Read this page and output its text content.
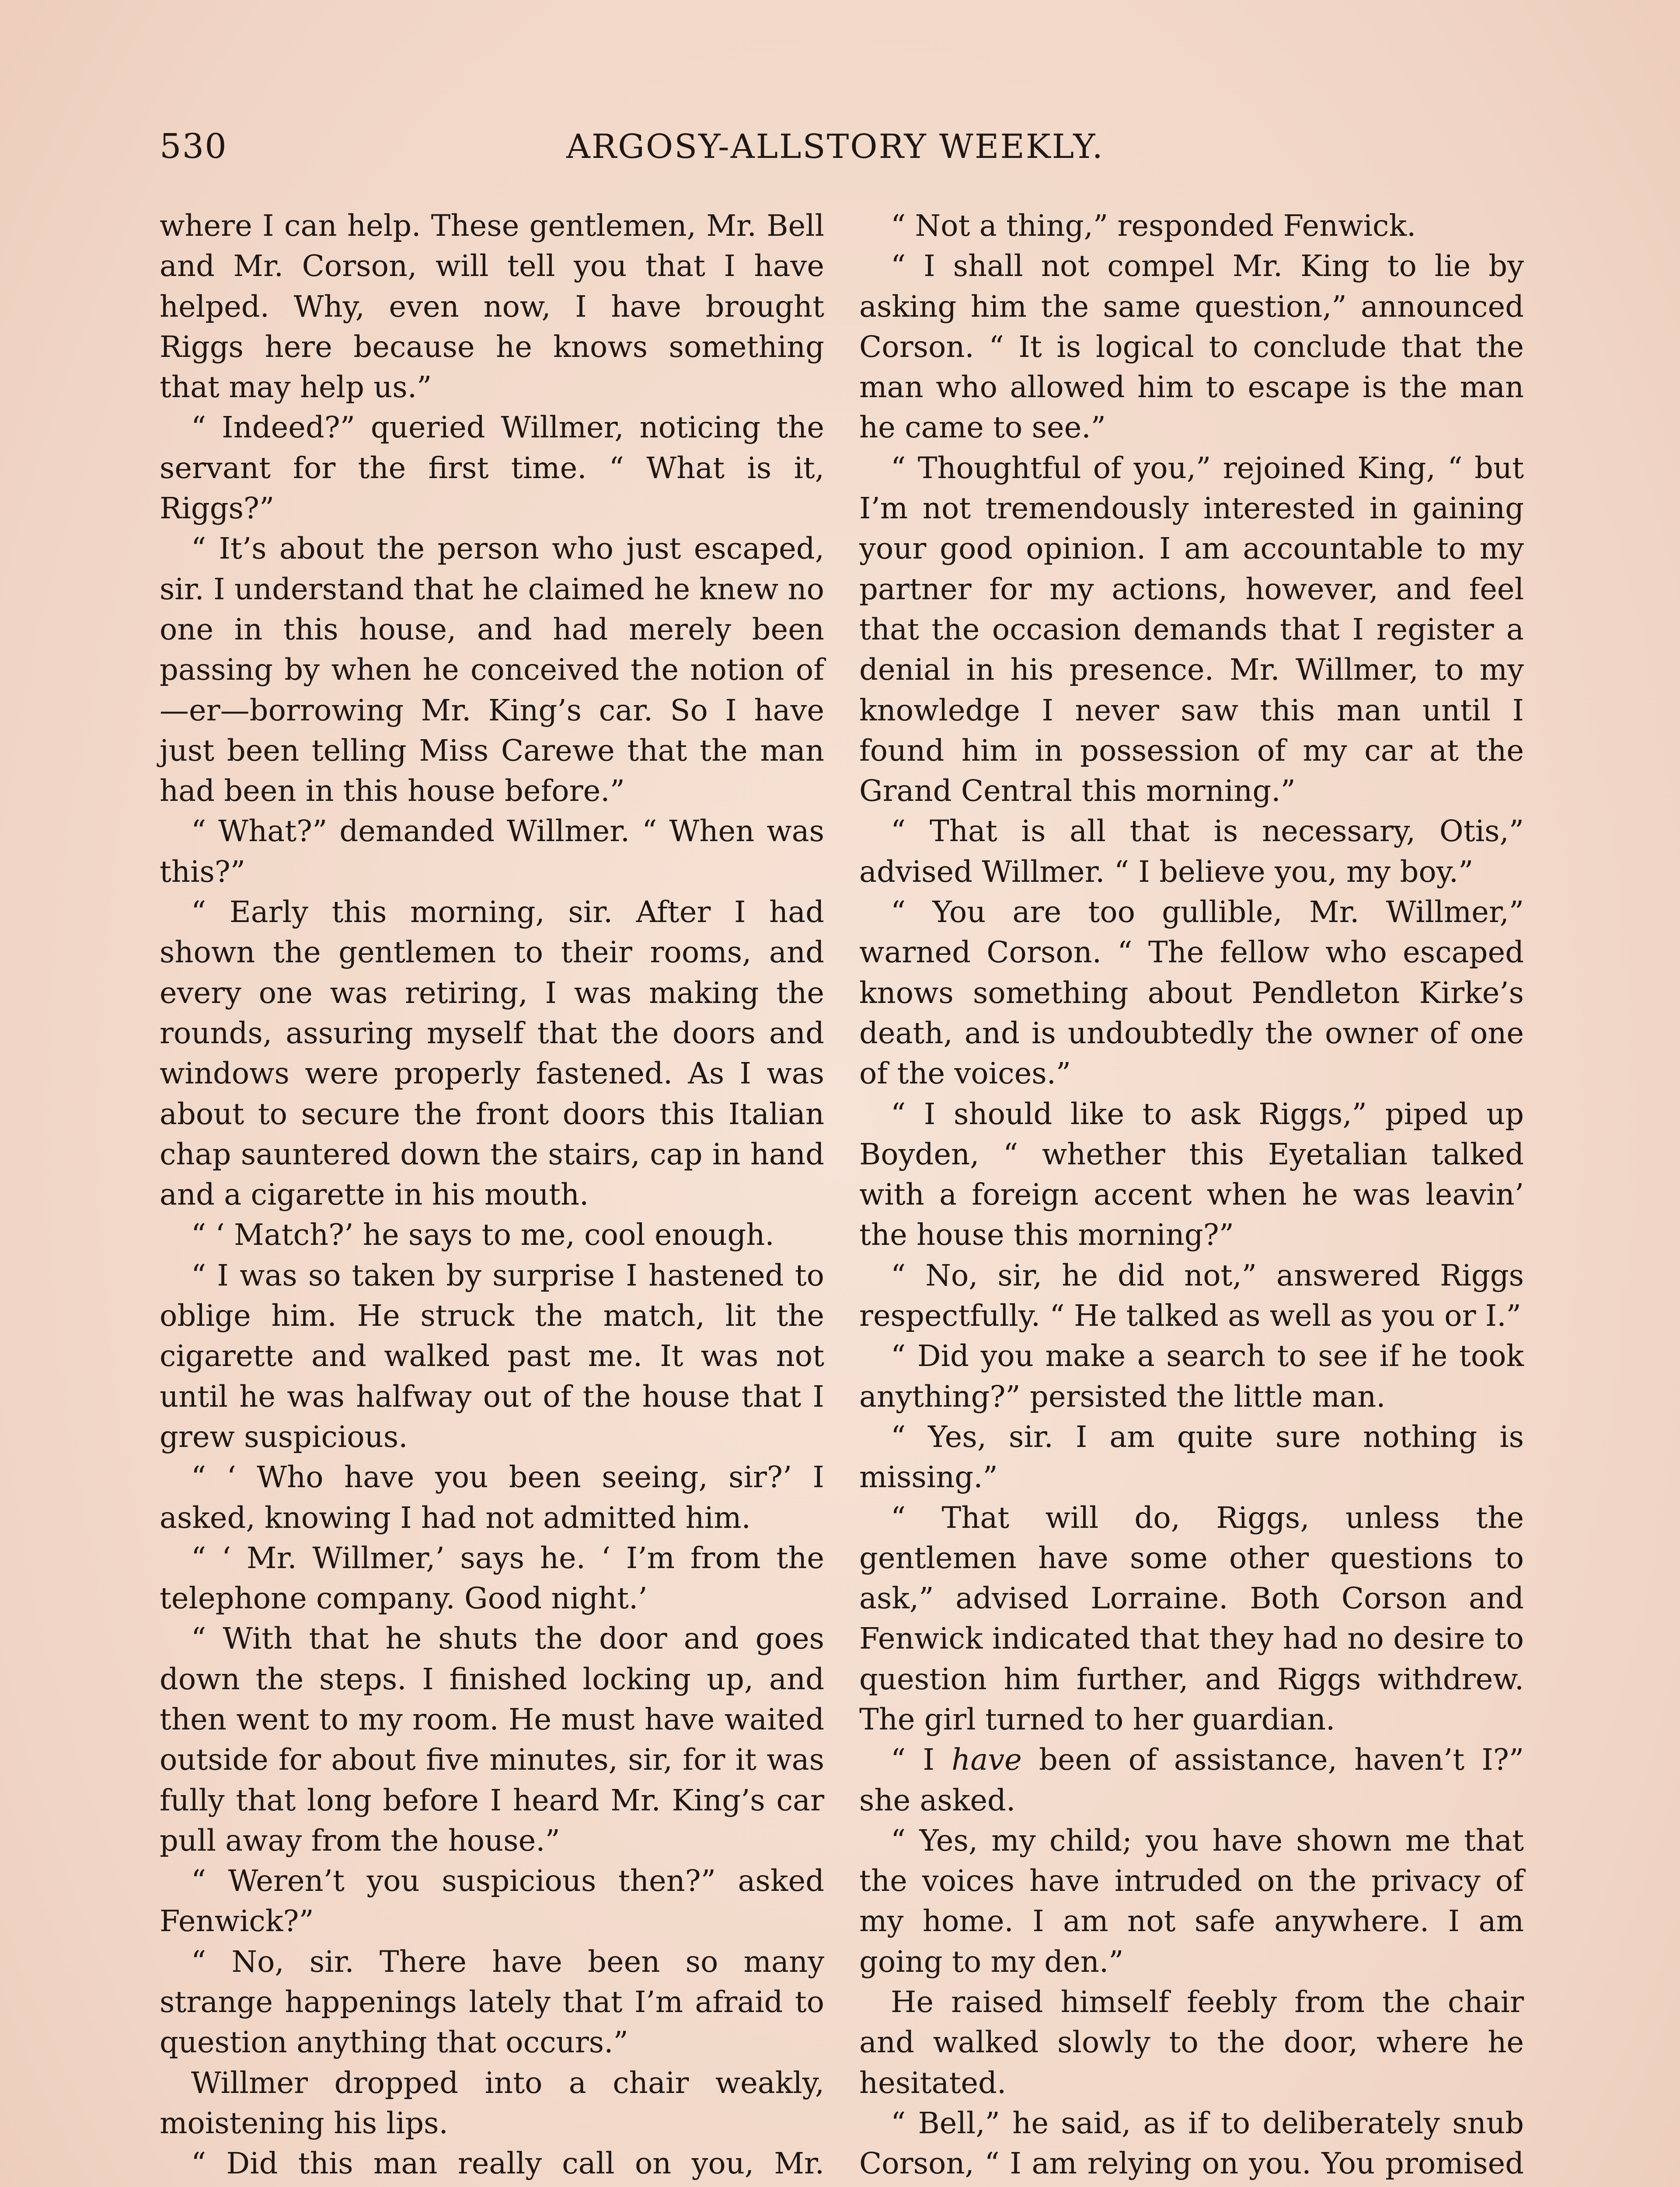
530	ARGOSY-ALLSTORY WEEKLY.

where I can help. These gentlemen, Mr. Bell and Mr. Corson, will tell you that I have helped. Why, even now, I have brought Riggs here because he knows something that may help us.”

“ Indeed?” queried Willmer, noticing the servant for the first time. “ What is it, Riggs?”

“ It’s about the person who just escaped, sir. I understand that he claimed he knew no one in this house, and had merely been passing by when he conceived the notion of—er—borrowing Mr. King’s car. So I have just been telling Miss Carewe that the man had been in this house before.”

“ What?” demanded Willmer. “ When was this?”

“ Early this morning, sir. After I had shown the gentlemen to their rooms, and every one was retiring, I was making the rounds, assuring myself that the doors and windows were properly fastened. As I was about to secure the front doors this Italian chap sauntered down the stairs, cap in hand and a cigarette in his mouth.

“ ‘ Match?’ he says to me, cool enough.

“ I was so taken by surprise I hastened to oblige him. He struck the match, lit the cigarette and walked past me. It was not until he was halfway out of the house that I grew suspicious.

“ ‘ Who have you been seeing, sir?’ I asked, knowing I had not admitted him.

“ ‘ Mr. Willmer,’ says he. ‘ I’m from the telephone company. Good night.’

“ With that he shuts the door and goes down the steps. I finished locking up, and then went to my room. He must have waited outside for about five minutes, sir, for it was fully that long before I heard Mr. King’s car pull away from the house.”

“ Weren’t you suspicious then?” asked Fenwick?”

“ No, sir. There have been so many strange happenings lately that I’m afraid to question anything that occurs.”

Willmer dropped into a chair weakly, moistening his lips.

“ Did this man really call on you, Mr.

“ Not a thing,” responded Fenwick.

“ I shall not compel Mr. King to lie by asking him the same question,” announced Corson. “ It is logical to conclude that the man who allowed him to escape is the man he came to see.”

“ Thoughtful of you,” rejoined King, “ but I’m not tremendously interested in gaining your good opinion. I am accountable to my partner for my actions, however, and feel that the occasion demands that I register a denial in his presence. Mr. Willmer, to my knowledge I never saw this man until I found him in possession of my car at the Grand Central this morning.”

“ That is all that is necessary, Otis,” advised Willmer. “ I believe you, my boy.”

“ You are too gullible, Mr. Willmer,” warned Corson. “ The fellow who escaped knows something about Pendleton Kirke’s death, and is undoubtedly the owner of one of the voices.”

“ I should like to ask Riggs,” piped up Boyden, “ whether this Eyetalian talked with a foreign accent when he was leavin’ the house this morning?”

“ No, sir, he did not,” answered Riggs respectfully. “ He talked as well as you or I.”

“ Did you make a search to see if he took anything?” persisted the little man.

“ Yes, sir. I am quite sure nothing is missing.”

“ That will do, Riggs, unless the gentlemen have some other questions to ask,” advised Lorraine. Both Corson and Fenwick indicated that they had no desire to question him further, and Riggs withdrew. The girl turned to her guardian.

“ I have been of assistance, haven’t I?” she asked.

“ Yes, my child; you have shown me that the voices have intruded on the privacy of my home. I am not safe anywhere. I am going to my den.”

He raised himself feebly from the chair and walked slowly to the door, where he hesitated.

“ Bell,” he said, as if to deliberately snub Corson, “ I am relying on you. You promised
